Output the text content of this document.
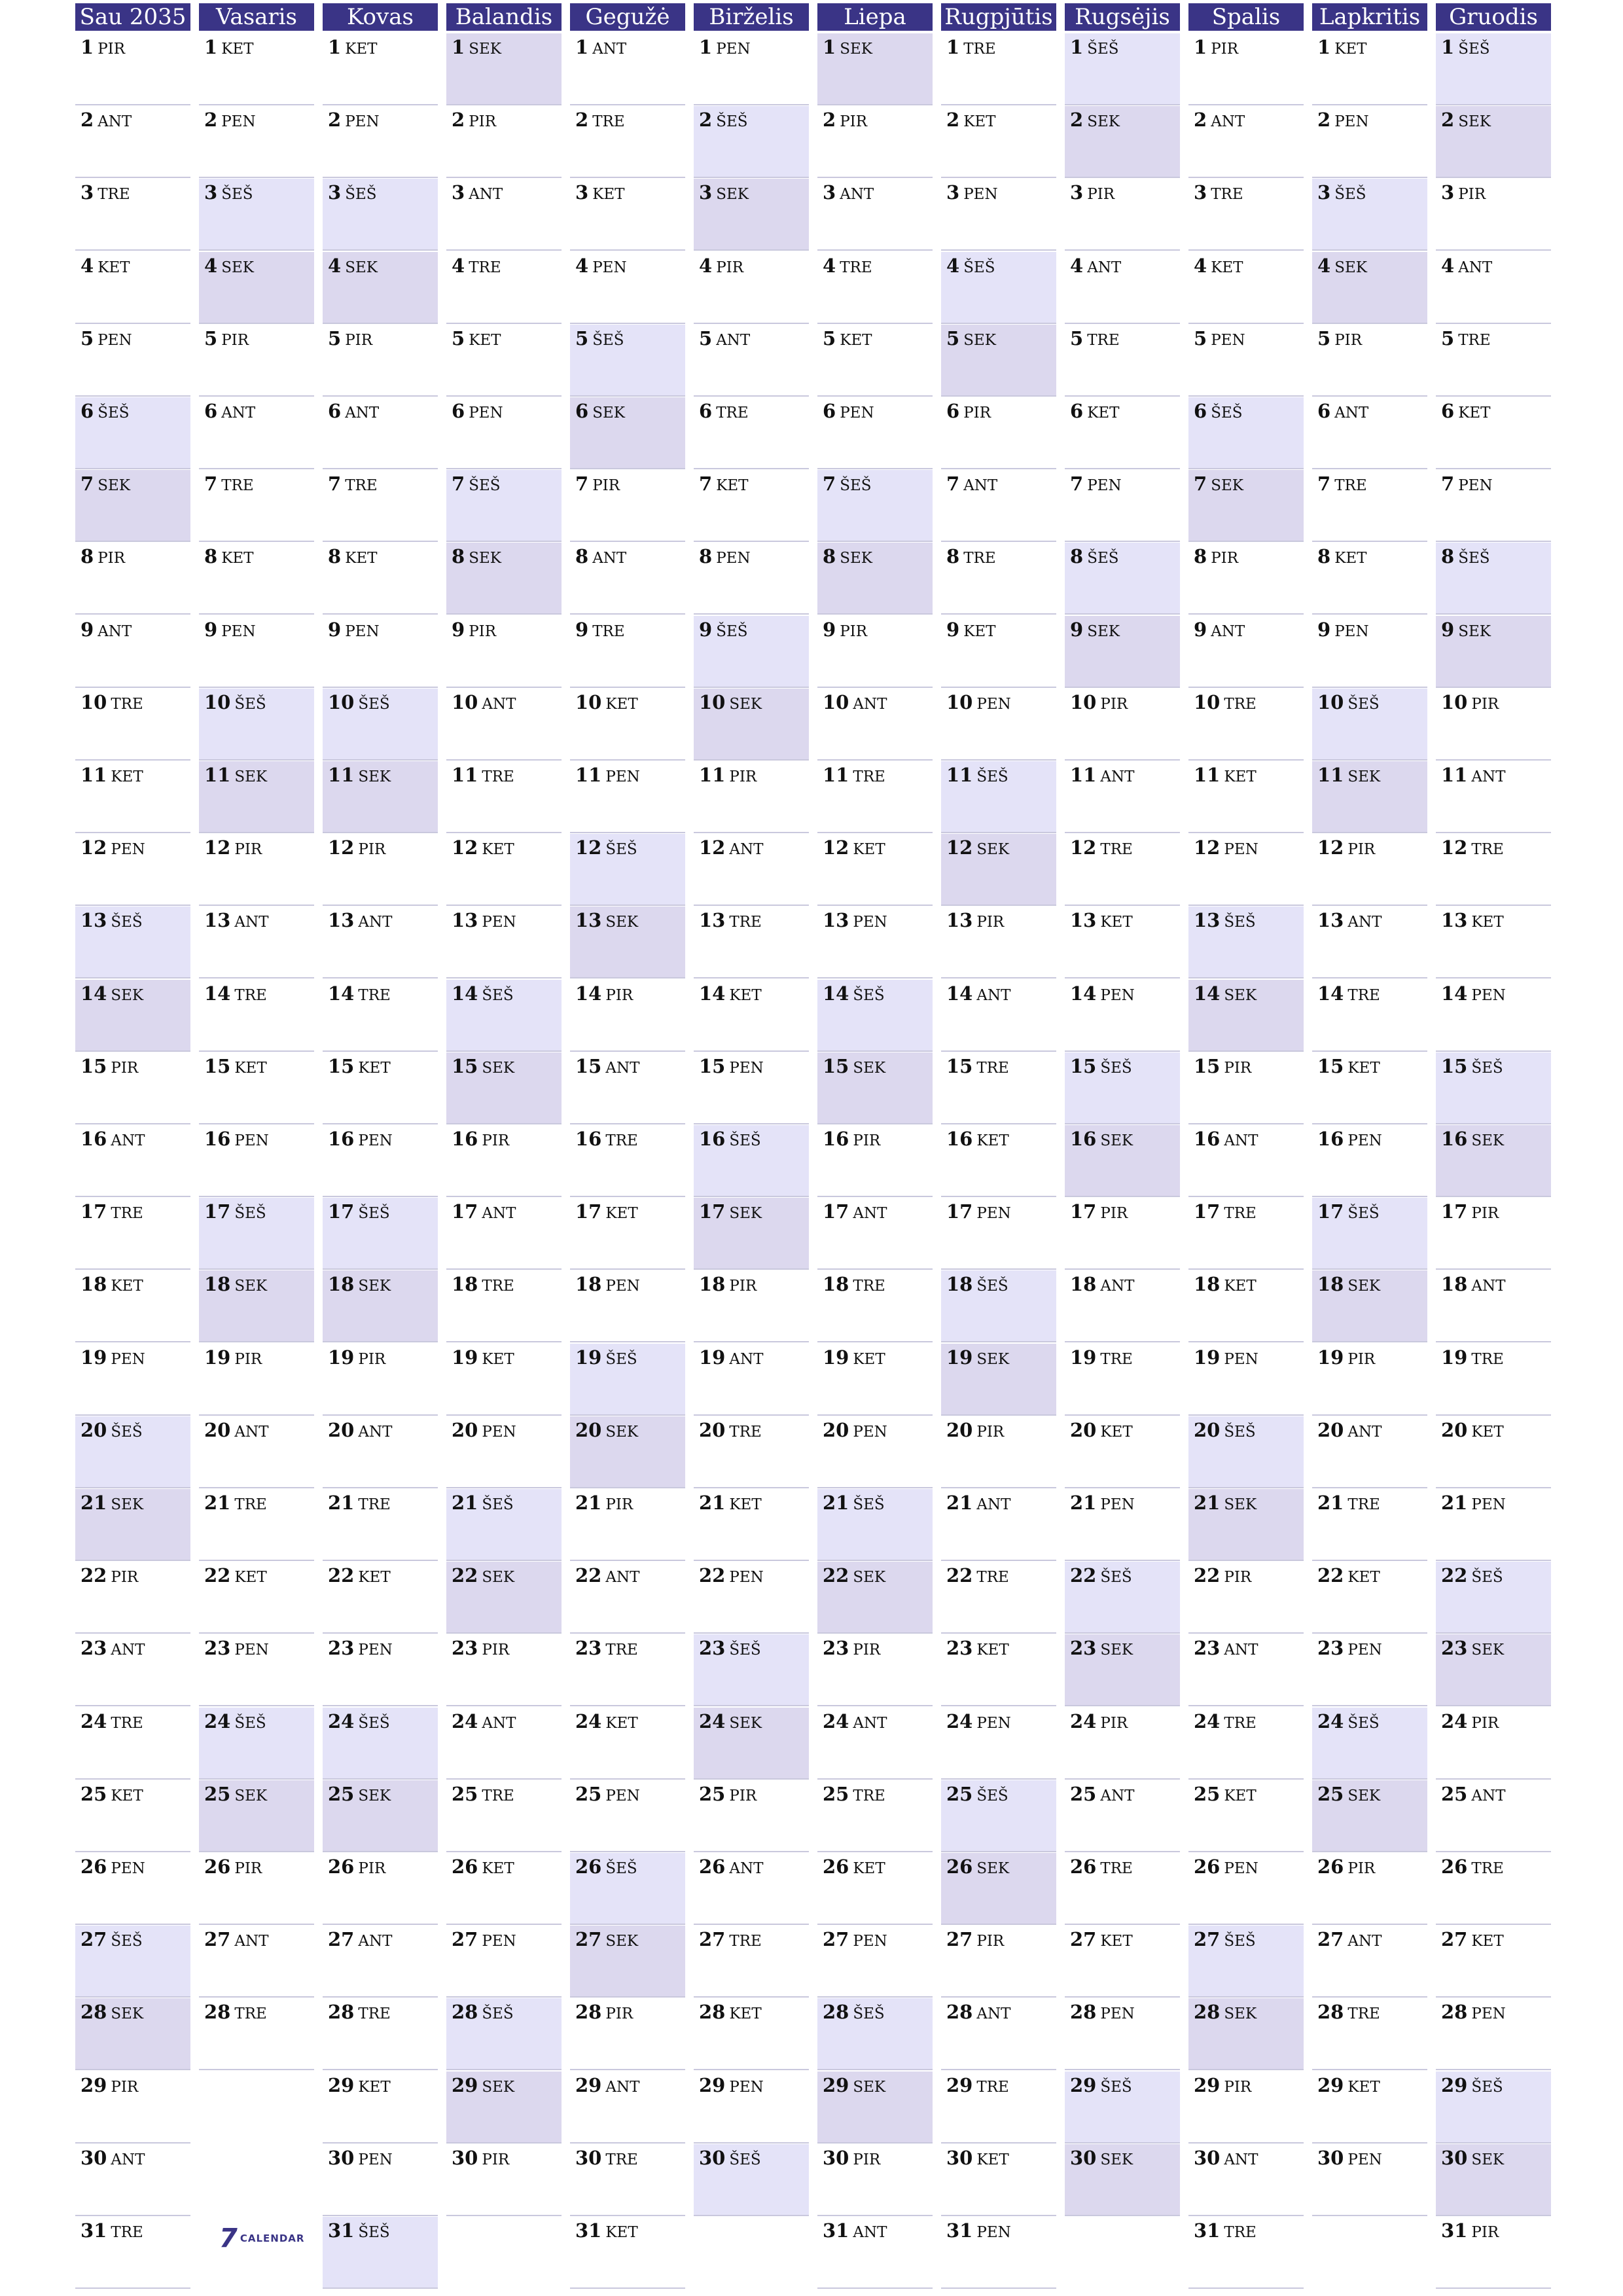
Sau 2035
1 PIR
2 ANT
3 TRE
4 KET
5 PEN
6 ŠEŠ
7 SEK
8 PIR
9 ANT
10 TRE
11 KET
12 PEN
13 ŠEŠ
14 SEK
15 PIR
16 ANT
17 TRE
18 KET
19 PEN
20 ŠEŠ
21 SEK
22 PIR
23 ANT
24 TRE
25 KET
26 PEN
27 ŠEŠ
28 SEK
29 PIR
30 ANT
31 TRE
Vasaris
1 KET
2 PEN
3 ŠEŠ
4 SEK
5 PIR
6 ANT
7 TRE
8 KET
9 PEN
10 ŠEŠ
11 SEK
12 PIR
13 ANT
14 TRE
15 KET
16 PEN
17 ŠEŠ
18 SEK
19 PIR
20 ANT
21 TRE
22 KET
23 PEN
24 ŠEŠ
25 SEK
26 PIR
27 ANT
28 TRE
Kovas
1 KET
2 PEN
3 ŠEŠ
4 SEK
5 PIR
6 ANT
7 TRE
8 KET
9 PEN
10 ŠEŠ
11 SEK
12 PIR
13 ANT
14 TRE
15 KET
16 PEN
17 ŠEŠ
18 SEK
19 PIR
20 ANT
21 TRE
22 KET
23 PEN
24 ŠEŠ
25 SEK
26 PIR
27 ANT
28 TRE
29 KET
30 PEN
31 ŠEŠ
Balandis
1 SEK
2 PIR
3 ANT
4 TRE
5 KET
6 PEN
7 ŠEŠ
8 SEK
9 PIR
10 ANT
11 TRE
12 KET
13 PEN
14 ŠEŠ
15 SEK
16 PIR
17 ANT
18 TRE
19 KET
20 PEN
21 ŠEŠ
22 SEK
23 PIR
24 ANT
25 TRE
26 KET
27 PEN
28 ŠEŠ
29 SEK
30 PIR
Gegužė
1 ANT
2 TRE
3 KET
4 PEN
5 ŠEŠ
6 SEK
7 PIR
8 ANT
9 TRE
10 KET
11 PEN
12 ŠEŠ
13 SEK
14 PIR
15 ANT
16 TRE
17 KET
18 PEN
19 ŠEŠ
20 SEK
21 PIR
22 ANT
23 TRE
24 KET
25 PEN
26 ŠEŠ
27 SEK
28 PIR
29 ANT
30 TRE
31 KET
Birželis
1 PEN
2 ŠEŠ
3 SEK
4 PIR
5 ANT
6 TRE
7 KET
8 PEN
9 ŠEŠ
10 SEK
11 PIR
12 ANT
13 TRE
14 KET
15 PEN
16 ŠEŠ
17 SEK
18 PIR
19 ANT
20 TRE
21 KET
22 PEN
23 ŠEŠ
24 SEK
25 PIR
26 ANT
27 TRE
28 KET
29 PEN
30 ŠEŠ
Liepa
1 SEK
2 PIR
3 ANT
4 TRE
5 KET
6 PEN
7 ŠEŠ
8 SEK
9 PIR
10 ANT
11 TRE
12 KET
13 PEN
14 ŠEŠ
15 SEK
16 PIR
17 ANT
18 TRE
19 KET
20 PEN
21 ŠEŠ
22 SEK
23 PIR
24 ANT
25 TRE
26 KET
27 PEN
28 ŠEŠ
29 SEK
30 PIR
31 ANT
Rugpjūtis
1 TRE
2 KET
3 PEN
4 ŠEŠ
5 SEK
6 PIR
7 ANT
8 TRE
9 KET
10 PEN
11 ŠEŠ
12 SEK
13 PIR
14 ANT
15 TRE
16 KET
17 PEN
18 ŠEŠ
19 SEK
20 PIR
21 ANT
22 TRE
23 KET
24 PEN
25 ŠEŠ
26 SEK
27 PIR
28 ANT
29 TRE
30 KET
31 PEN
Rugsėjis
1 ŠEŠ
2 SEK
3 PIR
4 ANT
5 TRE
6 KET
7 PEN
8 ŠEŠ
9 SEK
10 PIR
11 ANT
12 TRE
13 KET
14 PEN
15 ŠEŠ
16 SEK
17 PIR
18 ANT
19 TRE
20 KET
21 PEN
22 ŠEŠ
23 SEK
24 PIR
25 ANT
26 TRE
27 KET
28 PEN
29 ŠEŠ
30 SEK
Spalis
1 PIR
2 ANT
3 TRE
4 KET
5 PEN
6 ŠEŠ
7 SEK
8 PIR
9 ANT
10 TRE
11 KET
12 PEN
13 ŠEŠ
14 SEK
15 PIR
16 ANT
17 TRE
18 KET
19 PEN
20 ŠEŠ
21 SEK
22 PIR
23 ANT
24 TRE
25 KET
26 PEN
27 ŠEŠ
28 SEK
29 PIR
30 ANT
31 TRE
Lapkritis
1 KET
2 PEN
3 ŠEŠ
4 SEK
5 PIR
6 ANT
7 TRE
8 KET
9 PEN
10 ŠEŠ
11 SEK
12 PIR
13 ANT
14 TRE
15 KET
16 PEN
17 ŠEŠ
18 SEK
19 PIR
20 ANT
21 TRE
22 KET
23 PEN
24 ŠEŠ
25 SEK
26 PIR
27 ANT
28 TRE
29 KET
30 PEN
Gruodis
1 ŠEŠ
2 SEK
3 PIR
4 ANT
5 TRE
6 KET
7 PEN
8 ŠEŠ
9 SEK
10 PIR
11 ANT
12 TRE
13 KET
14 PEN
15 ŠEŠ
16 SEK
17 PIR
18 ANT
19 TRE
20 KET
21 PEN
22 ŠEŠ
23 SEK
24 PIR
25 ANT
26 TRE
27 KET
28 PEN
29 ŠEŠ
30 SEK
31 PIR
7 CALENDAR
